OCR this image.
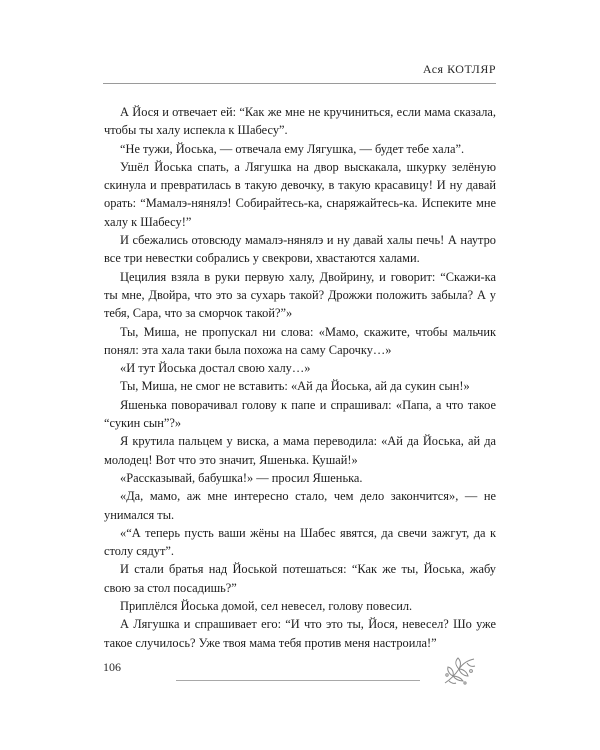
Ася КОТЛЯР

А Йося и отвечает ей: “Как же мне не кручиниться, если мама сказала, чтобы ты халу испекла к Шабесу”.

“Не тужи, Йоська, — отвечала ему Лягушка, — будет тебе хала”.

Ушёл Йоська спать, а Лягушка на двор выскакала, шкурку зелёную скинула и превратилась в такую девочку, в такую красавицу! И ну давай орать: “Мамалэ-нянялэ! Собирайтесь-ка, снаряжайтесь-ка. Испеките мне халу к Шабесу!”

И сбежались отовсюду мамалэ-нянялэ и ну давай халы печь! А наутро все три невестки собрались у свекрови, хвастаются халами.

Цецилия взяла в руки первую халу, Двойрину, и говорит: “Скажи-ка ты мне, Двойра, что это за сухарь такой? Дрожжи положить забыла? А у тебя, Сара, что за сморчок такой?”»

Ты, Миша, не пропускал ни слова: «Мамо, скажите, чтобы мальчик понял: эта хала таки была похожа на саму Сарочку…»

«И тут Йоська достал свою халу…»

Ты, Миша, не смог не вставить: «Ай да Йоська, ай да сукин сын!»

Яшенька поворачивал голову к папе и спрашивал: «Папа, а что такое “сукин сын”?»

Я крутила пальцем у виска, а мама переводила: «Ай да Йоська, ай да молодец! Вот что это значит, Яшенька. Кушай!»

«Рассказывай, бабушка!» — просил Яшенька.

«Да, мамо, аж мне интересно стало, чем дело закончится», — не унимался ты.

«“А теперь пусть ваши жёны на Шабес явятся, да свечи зажгут, да к столу сядут”.

И стали братья над Йоськой потешаться: “Как же ты, Йоська, жабу свою за стол посадишь?”

Приплёлся Йоська домой, сел невесел, голову повесил.

А Лягушка и спрашивает его: “И что это ты, Йося, невесел? Шо уже такое случилось? Уже твоя мама тебя против меня настроила!”

106
